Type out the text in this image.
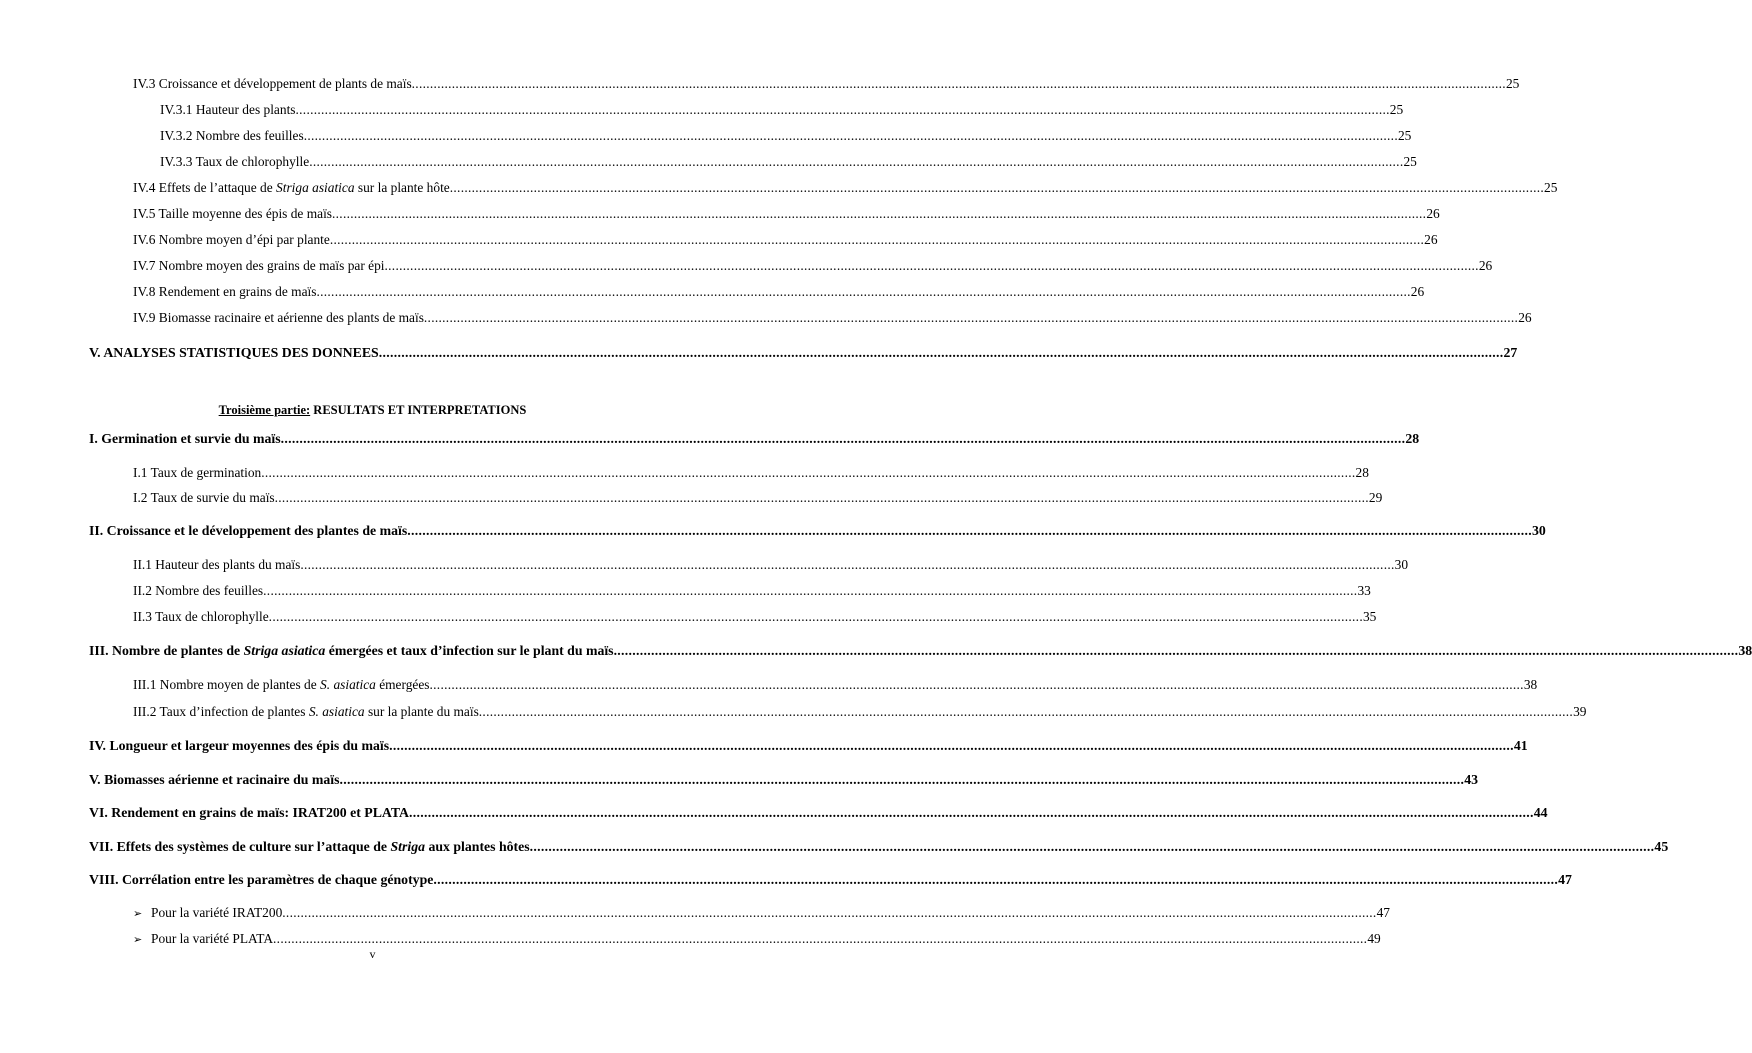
IV.3 Croissance et développement de plants de maïs ............................................................................................................................................................................................................................................................................................................ 25
IV.3.1 Hauteur des plants ............................................................................................................................................................................................................................................................................................................ 25
IV.3.2 Nombre des feuilles ............................................................................................................................................................................................................................................................................................................ 25
IV.3.3 Taux de chlorophylle ............................................................................................................................................................................................................................................................................................................ 25
IV.4 Effets de l’attaque de Striga asiatica sur la plante hôte ............................................................................................................................................................................................................................................................................................................ 25
IV.5 Taille moyenne des épis de maïs ............................................................................................................................................................................................................................................................................................................ 26
IV.6 Nombre moyen d’épi par plante ............................................................................................................................................................................................................................................................................................................ 26
IV.7 Nombre moyen des grains de maïs par épi ............................................................................................................................................................................................................................................................................................................ 26
IV.8 Rendement en grains de maïs ............................................................................................................................................................................................................................................................................................................ 26
IV.9 Biomasse racinaire et aérienne des plants de maïs ............................................................................................................................................................................................................................................................................................................ 26
V. ANALYSES STATISTIQUES DES DONNEES ............................................................................................................................................................................................................................................................................................................ 27
I. Germination et survie du maïs ............................................................................................................................................................................................................................................................................................................ 28
I.1 Taux de germination ............................................................................................................................................................................................................................................................................................................ 28
I.2 Taux de survie du maïs ............................................................................................................................................................................................................................................................................................................ 29
II. Croissance et le développement des plantes de maïs ............................................................................................................................................................................................................................................................................................................ 30
II.1 Hauteur des plants du maïs ............................................................................................................................................................................................................................................................................................................ 30
II.2 Nombre des feuilles ............................................................................................................................................................................................................................................................................................................ 33
II.3 Taux de chlorophylle ............................................................................................................................................................................................................................................................................................................ 35
III. Nombre de plantes de Striga asiatica émergées et taux d’infection sur le plant du maïs ............................................................................................................................................................................................................................................................................................................ 38
III.1 Nombre moyen de plantes de S. asiatica émergées ............................................................................................................................................................................................................................................................................................................ 38
III.2 Taux d’infection de plantes S. asiatica sur la plante du maïs ............................................................................................................................................................................................................................................................................................................ 39
IV. Longueur et largeur moyennes des épis du maïs ............................................................................................................................................................................................................................................................................................................ 41
V. Biomasses aérienne et racinaire du maïs ............................................................................................................................................................................................................................................................................................................ 43
VI. Rendement en grains de maïs: IRAT200 et PLATA ............................................................................................................................................................................................................................................................................................................ 44
VII. Effets des systèmes de culture sur l’attaque de Striga aux plantes hôtes ............................................................................................................................................................................................................................................................................................................ 45
VIII. Corrélation entre les paramètres de chaque génotype ............................................................................................................................................................................................................................................................................................................ 47
➢ Pour la variété IRAT200 ............................................................................................................................................................................................................................................................................................................ 47
➢ Pour la variété PLATA ............................................................................................................................................................................................................................................................................................................ 49
Troisième partie: RESULTATS ET INTERPRETATIONS
v
